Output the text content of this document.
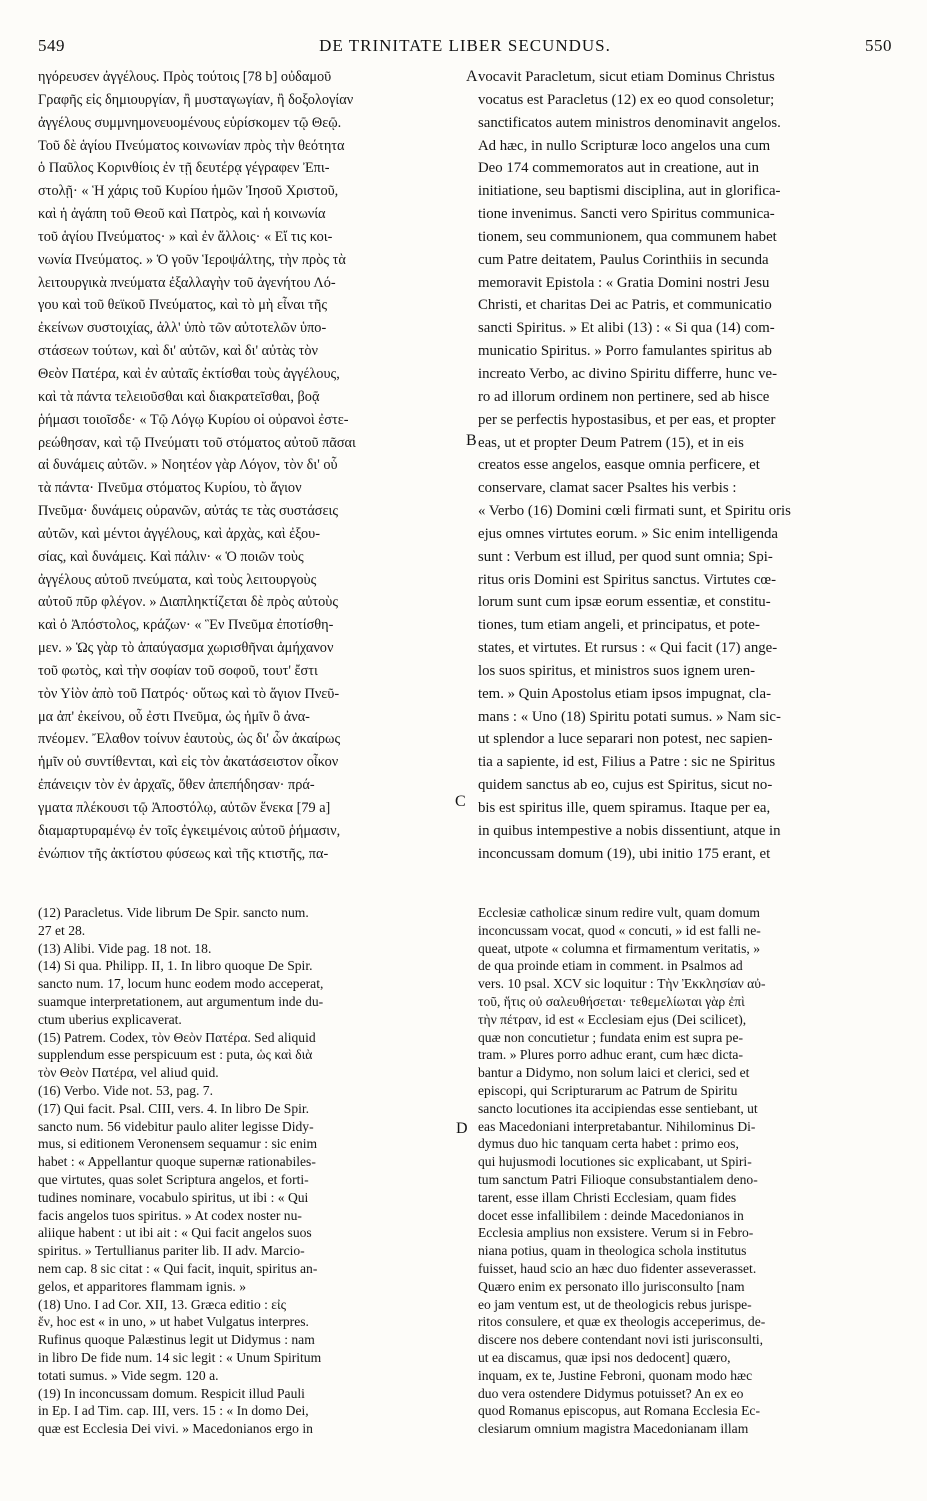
549	DE TRINITATE LIBER SECUNDUS.	550
ηγόρευσεν ἀγγέλους. Πρὸς τούτοις [78 b] οὐδαμοῦ
Γραφῆς εἰς δημιουργίαν, ἢ μυσταγωγίαν, ἢ δοξολογίαν
ἀγγέλους συμμνημονευομένους εὑρίσκομεν τῷ Θεῷ.
Τοῦ δὲ ἁγίου Πνεύματος κοινωνίαν πρὸς τὴν θεότητα
ὁ Παῦλος Κορινθίοις ἐν τῇ δευτέρᾳ γέγραφεν Ἐπι-
στολῇ· « Ἡ χάρις τοῦ Κυρίου ἡμῶν Ἰησοῦ Χριστοῦ,
καὶ ἡ ἀγάπη τοῦ Θεοῦ καὶ Πατρὸς, καὶ ἡ κοινωνία
τοῦ ἁγίου Πνεύματος· » καὶ ἐν ἄλλοις· « Εἴ τις κοι-
νωνία Πνεύματος. » Ὁ γοῦν Ἱεροψάλτης, τὴν πρὸς τὰ
λειτουργικὰ πνεύματα ἐξαλλαγὴν τοῦ ἀγενήτου Λό-
γου καὶ τοῦ θεϊκοῦ Πνεύματος, καὶ τὸ μὴ εἶναι τῆς
ἐκείνων συστοιχίας, ἀλλ' ὑπὸ τῶν αὐτοτελῶν ὑπο-
στάσεων τούτων, καὶ δι' αὐτῶν, καὶ δι' αὐτὰς τὸν
Θεὸν Πατέρα, καὶ ἐν αὐταῖς ἐκτίσθαι τοὺς ἀγγέλους,
καὶ τὰ πάντα τελειοῦσθαι καὶ διακρατεῖσθαι, βοᾷ
ῥήμασι τοιοῖσδε· « Τῷ Λόγῳ Κυρίου οἱ οὐρανοὶ ἐστε-
ρεώθησαν, καὶ τῷ Πνεύματι τοῦ στόματος αὐτοῦ πᾶσαι
αἱ δυνάμεις αὐτῶν. » Νοητέον γὰρ Λόγον, τὸν δι' οὗ
τὰ πάντα· Πνεῦμα στόματος Κυρίου, τὸ ἅγιον
Πνεῦμα· δυνάμεις οὐρανῶν, αὐτάς τε τὰς συστάσεις
αὐτῶν, καὶ μέντοι ἀγγέλους, καὶ ἀρχὰς, καὶ ἐξου-
σίας, καὶ δυνάμεις. Καὶ πάλιν· « Ὁ ποιῶν τοὺς
ἀγγέλους αὐτοῦ πνεύματα, καὶ τοὺς λειτουργοὺς
αὐτοῦ πῦρ φλέγον. » Διαπληκτίζεται δὲ πρὸς αὐτοὺς
καὶ ὁ Ἀπόστολος, κράζων· « Ἓν Πνεῦμα ἐποτίσθη-
μεν. » Ὡς γὰρ τὸ ἀπαύγασμα χωρισθῆναι ἀμήχανον
τοῦ φωτὸς, καὶ τὴν σοφίαν τοῦ σοφοῦ, τουτ' ἔστι
τὸν Υἱὸν ἀπὸ τοῦ Πατρός· οὕτως καὶ τὸ ἅγιον Πνεῦ-
μα ἀπ' ἐκείνου, οὗ ἐστι Πνεῦμα, ὡς ἡμῖν ὃ ἀνα-
πνέομεν. Ἔλαθον τοίνυν ἑαυτοὺς, ὡς δι' ὧν ἀκαίρως
ἡμῖν οὐ συντίθενται, καὶ εἰς τὸν ἀκατάσειστον οἶκον
ἐπάνειςιν τὸν ἐν ἀρχαῖς, ὅθεν ἀπεπήδησαν· πρά-
γματα πλέκουσι τῷ Ἀποστόλῳ, αὐτῶν ἕνεκα [79 a]
διαμαρτυραμένῳ ἐν τοῖς ἐγκειμένοις αὐτοῦ ῥήμασιν,
ἐνώπιον τῆς ἀκτίστου φύσεως καὶ τῆς κτιστῆς, πα-
vocavit Paracletum, sicut etiam Dominus Christus
vocatus est Paracletus (12) ex eo quod consoletur;
sanctificatos autem ministros denominavit angelos.
Ad hæc, in nullo Scripturæ loco angelos una cum
Deo 174 commemoratos aut in creatione, aut in
initiatione, seu baptismi disciplina, aut in glorifica-
tione invenimus. Sancti vero Spiritus communica-
tionem, seu communionem, qua communem habet
cum Patre deitatem, Paulus Corinthiis in secunda
memoravit Epistola : « Gratia Domini nostri Jesu
Christi, et charitas Dei ac Patris, et communicatio
sancti Spiritus. » Et alibi (13) : « Si qua (14) com-
municatio Spiritus. » Porro famulantes spiritus ab
increato Verbo, ac divino Spiritu differre, hunc ve-
ro ad illorum ordinem non pertinere, sed ab hisce
per se perfectis hypostasibus, et per eas, et propter
eas, ut et propter Deum Patrem (15), et in eis
creatos esse angelos, easque omnia perficere, et
conservare, clamat sacer Psaltes his verbis :
« Verbo (16) Domini cœli firmati sunt, et Spiritu oris
ejus omnes virtutes eorum. » Sic enim intelligenda
sunt : Verbum est illud, per quod sunt omnia; Spi-
ritus oris Domini est Spiritus sanctus. Virtutes cœ-
lorum sunt cum ipsæ eorum essentiæ, et constitu-
tiones, tum etiam angeli, et principatus, et pote-
states, et virtutes. Et rursus : « Qui facit (17) ange-
los suos spiritus, et ministros suos ignem uren-
tem. » Quin Apostolus etiam ipsos impugnat, cla-
mans : « Uno (18) Spiritu potati sumus. » Nam sic-
ut splendor a luce separari non potest, nec sapien-
tia a sapiente, id est, Filius a Patre : sic ne Spiritus
quidem sanctus ab eo, cujus est Spiritus, sicut no-
bis est spiritus ille, quem spiramus. Itaque per ea,
in quibus intempestive a nobis dissentiunt, atque in
inconcussam domum (19), ubi initio 175 erant, et
A
B
C
D
(12) Paracletus. Vide librum De Spir. sancto num.
27 et 28.
(13) Alibi. Vide pag. 18 not. 18.
(14) Si qua. Philipp. II, 1. In libro quoque De Spir.
sancto num. 17, locum hunc eodem modo acceperat,
suamque interpretationem, aut argumentum inde du-
ctum uberius explicaverat.
(15) Patrem. Codex, τὸν Θεὸν Πατέρα. Sed aliquid
supplendum esse perspicuum est : puta, ὡς καὶ διὰ
τὸν Θεὸν Πατέρα, vel aliud quid.
(16) Verbo. Vide not. 53, pag. 7.
(17) Qui facit. Psal. CIII, vers. 4. In libro De Spir.
sancto num. 56 videbitur paulo aliter legisse Didy-
mus, si editionem Veronensem sequamur : sic enim
habet : « Appellantur quoque supernæ rationabiles-
que virtutes, quas solet Scriptura angelos, et forti-
tudines nominare, vocabulo spiritus, ut ibi : « Qui
facis angelos tuos spiritus. » At codex noster nu-
aliique habent : ut ibi ait : « Qui facit angelos suos
spiritus. » Tertullianus pariter lib. II adv. Marcio-
nem cap. 8 sic citat : « Qui facit, inquit, spiritus an-
gelos, et apparitores flammam ignis. »
(18) Uno. I ad Cor. XII, 13. Græca editio : εἰς
ἕν, hoc est « in uno, » ut habet Vulgatus interpres.
Rufinus quoque Palæstinus legit ut Didymus : nam
in libro De fide num. 14 sic legit : « Unum Spiritum
totati sumus. » Vide segm. 120 a.
(19) In inconcussam domum. Respicit illud Pauli
in Ep. I ad Tim. cap. III, vers. 15 : « In domo Dei,
quæ est Ecclesia Dei vivi. » Macedonianos ergo in
Ecclesiæ catholicæ sinum redire vult, quam domum
inconcussam vocat, quod « concuti, » id est falli ne-
queat, utpote « columna et firmamentum veritatis, »
de qua proinde etiam in comment. in Psalmos ad
vers. 10 psal. XCV sic loquitur : Τὴν Ἐκκλησίαν αὐ-
τοῦ, ἥτις οὐ σαλευθήσεται· τεθεμελίωται γὰρ ἐπὶ
τὴν πέτραν, id est « Ecclesiam ejus (Dei scilicet),
quæ non concutietur ; fundata enim est supra pe-
tram. » Plures porro adhuc erant, cum hæc dicta-
bantur a Didymo, non solum laici et clerici, sed et
episcopi, qui Scripturarum ac Patrum de Spiritu
sancto locutiones ita accipiendas esse sentiebant, ut
eas Macedoniani interpretabantur. Nihilominus Di-
dymus duo hic tanquam certa habet : primo eos,
qui hujusmodi locutiones sic explicabant, ut Spiri-
tum sanctum Patri Filioque consubstantialem deno-
tarent, esse illam Christi Ecclesiam, quam fides
docet esse infallibilem : deinde Macedonianos in
Ecclesia amplius non exsistere. Verum si in Febro-
niana potius, quam in theologica schola institutus
fuisset, haud scio an hæc duo fidenter asseverasset.
Quæro enim ex personato illo jurisconsulto [nam
eo jam ventum est, ut de theologicis rebus jurispe-
ritos consulere, et quæ ex theologis acceperimus, de-
discere nos debere contendant novi isti jurisconsulti,
ut ea discamus, quæ ipsi nos dedocent] quæro,
inquam, ex te, Justine Febroni, quonam modo hæc
duo vera ostendere Didymus potuisset? An ex eo
quod Romanus episcopus, aut Romana Ecclesia Ec-
clesiarum omnium magistra Macedonianam illam
